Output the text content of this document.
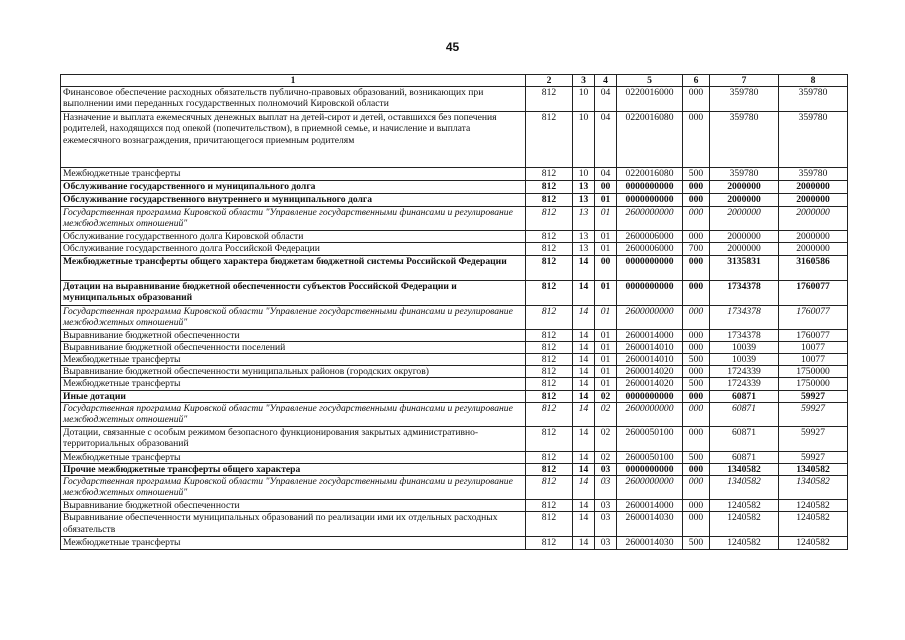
45
1	2	3	4	5	6	7	8
Финансовое обеспечение расходных обязательств публично-правовых образований, возникающих при выполнении ими переданных государственных полномочий Кировской области	812	10	04	0220016000	000	359780	359780
Назначение и выплата ежемесячных денежных выплат на детей-сирот и детей, оставшихся без попечения родителей, находящихся под опекой (попечительством), в приемной семье, и начисление и выплата ежемесячного вознаграждения, причитающегося приемным родителям	812	10	04	0220016080	000	359780	359780
Межбюджетные трансферты	812	10	04	0220016080	500	359780	359780
Обслуживание государственного и муниципального долга	812	13	00	0000000000	000	2000000	2000000
Обслуживание государственного внутреннего и муниципального долга	812	13	01	0000000000	000	2000000	2000000
Государственная программа Кировской области "Управление государственными финансами и регулирование межбюджетных отношений"	812	13	01	2600000000	000	2000000	2000000
Обслуживание государственного долга Кировской области	812	13	01	2600006000	000	2000000	2000000
Обслуживание государственного долга Российской Федерации	812	13	01	2600006000	700	2000000	2000000
Межбюджетные трансферты общего характера бюджетам бюджетной системы Российской Федерации	812	14	00	0000000000	000	3135831	3160586
Дотации на выравнивание бюджетной обеспеченности субъектов Российской Федерации и муниципальных образований	812	14	01	0000000000	000	1734378	1760077
Государственная программа Кировской области "Управление государственными финансами и регулирование межбюджетных отношений"	812	14	01	2600000000	000	1734378	1760077
Выравнивание бюджетной обеспеченности	812	14	01	2600014000	000	1734378	1760077
Выравнивание бюджетной обеспеченности поселений	812	14	01	2600014010	000	10039	10077
Межбюджетные трансферты	812	14	01	2600014010	500	10039	10077
Выравнивание бюджетной обеспеченности муниципальных районов (городских округов)	812	14	01	2600014020	000	1724339	1750000
Межбюджетные трансферты	812	14	01	2600014020	500	1724339	1750000
Иные дотации	812	14	02	0000000000	000	60871	59927
Государственная программа Кировской области "Управление государственными финансами и регулирование межбюджетных отношений"	812	14	02	2600000000	000	60871	59927
Дотации, связанные с особым режимом безопасного функционирования закрытых административно-территориальных образований	812	14	02	2600050100	000	60871	59927
Межбюджетные трансферты	812	14	02	2600050100	500	60871	59927
Прочие межбюджетные трансферты общего характера	812	14	03	0000000000	000	1340582	1340582
Государственная программа Кировской области "Управление государственными финансами и регулирование межбюджетных отношений"	812	14	03	2600000000	000	1340582	1340582
Выравнивание бюджетной обеспеченности	812	14	03	2600014000	000	1240582	1240582
Выравнивание обеспеченности муниципальных образований по реализации ими их отдельных расходных обязательств	812	14	03	2600014030	000	1240582	1240582
Межбюджетные трансферты	812	14	03	2600014030	500	1240582	1240582
